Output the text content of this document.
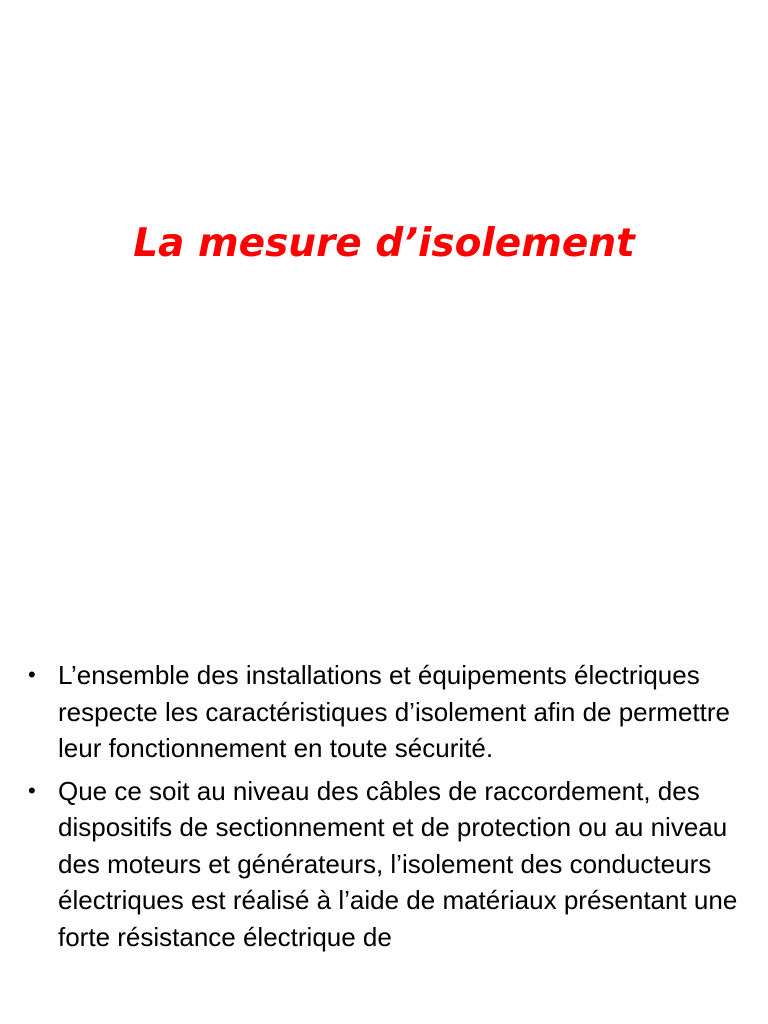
La mesure d’isolement
• L’ensemble des installations et équipements électriques respecte les caractéristiques d’isolement afin de permettre leur fonctionnement en toute sécurité.
• Que ce soit au niveau des câbles de raccordement, des dispositifs de sectionnement et de protection ou au niveau des moteurs et générateurs, l’isolement des conducteurs électriques est réalisé à l’aide de matériaux présentant une forte résistance électrique de
